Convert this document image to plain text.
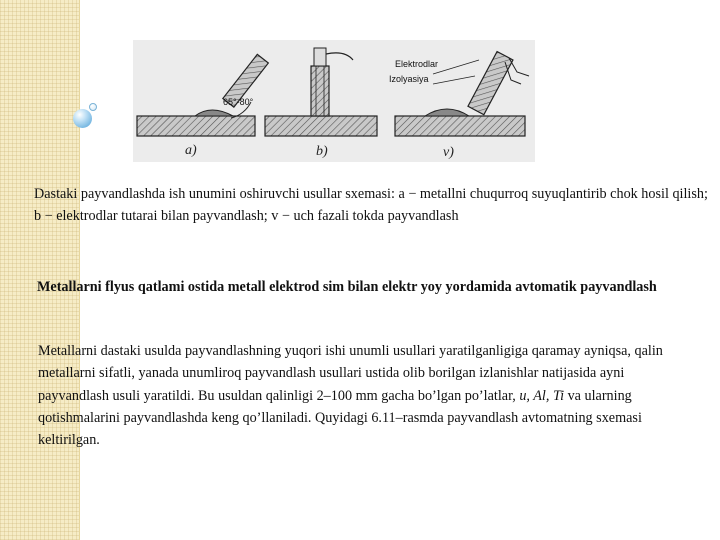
65°-80°
a)	b)
Elektrodlar
Izolyasiya
v)
Dastaki payvandlashda ish unumini oshiruvchi usullar sxemasi: a − metallni chuqurroq suyuqlantirib chok hosil qilish; b − elektrodlar tutarai bilan payvandlash; v − uch fazali tokda payvandlash
Metallarni flyus qatlami ostida metall elektrod sim bilan elektr yoy yordamida avtomatik payvandlash
Metallarni dastaki usulda payvandlashning yuqori ishi unumli usullari yaratilganligiga qaramay ayniqsa, qalin metallarni sifatli, yanada unumliroq payvandlash usullari ustida olib borilgan izlanishlar natijasida ayni payvandlash usuli yaratildi. Bu usuldan qalinligi 2–100 mm gacha bo’lgan po’latlar, u, Al, Ti va ularning qotishmalarini payvandlashda keng qo’llaniladi. Quyidagi 6.11–rasmda payvandlash avtomatning sxemasi keltirilgan.
